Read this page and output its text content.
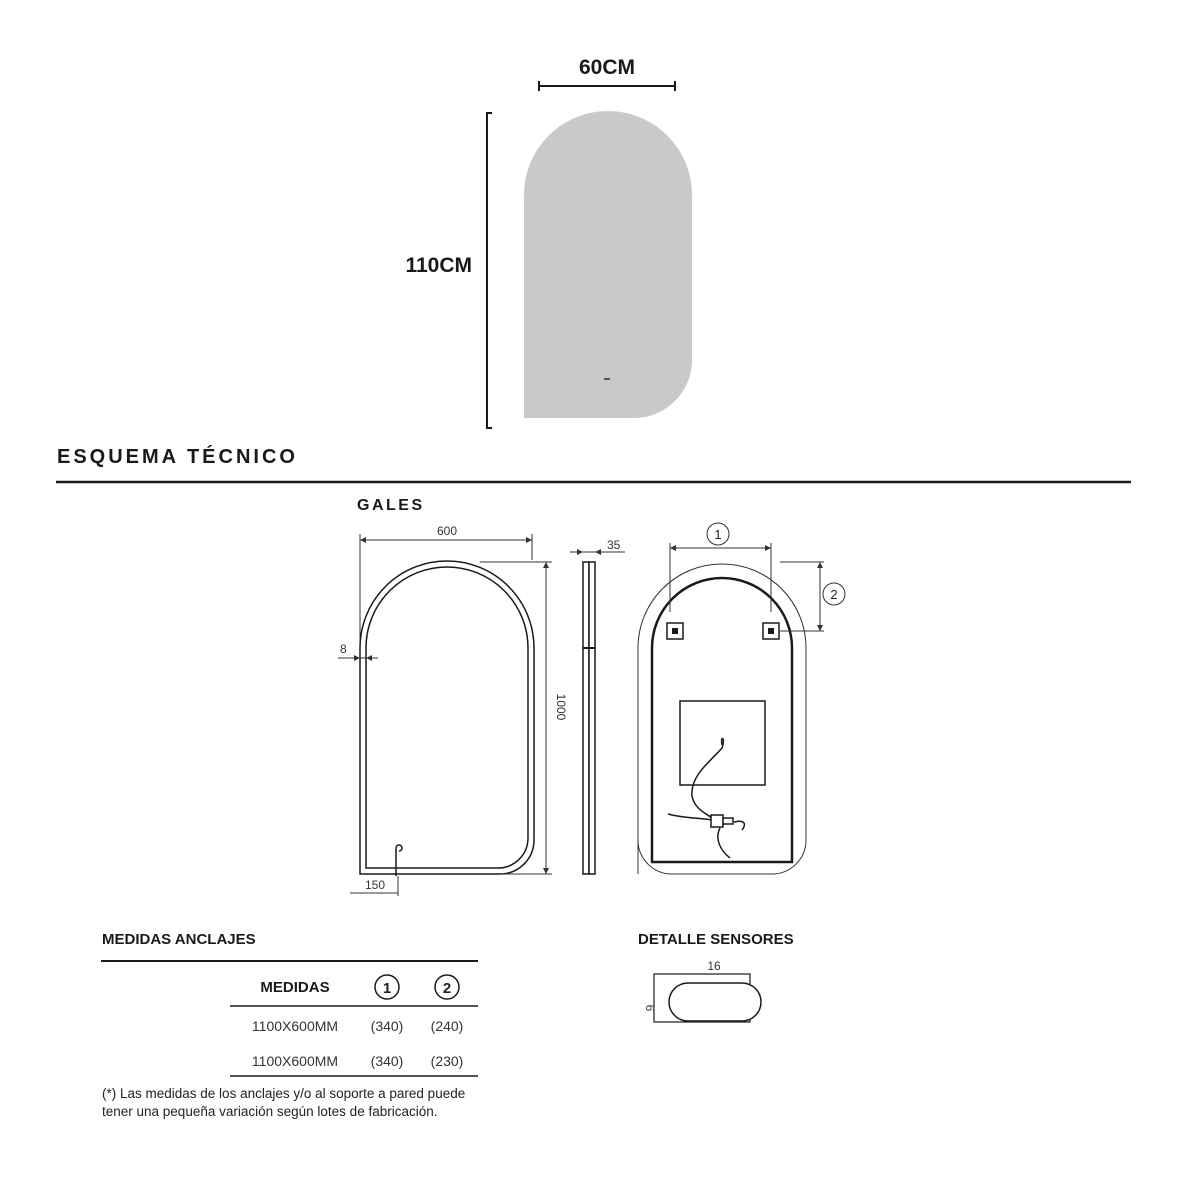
60CM
110CM
ESQUEMA TÉCNICO
GALES
600
8
1000
150
35
1
2
MEDIDAS ANCLAJES
MEDIDAS	1	2
1100X600MM (340) (240)
1100X600MM (340) (230)
DETALLE SENSORES
16
6

(*) Las medidas de los anclajes y/o al soporte a pared puede tener una pequeña variación según lotes de fabricación.
